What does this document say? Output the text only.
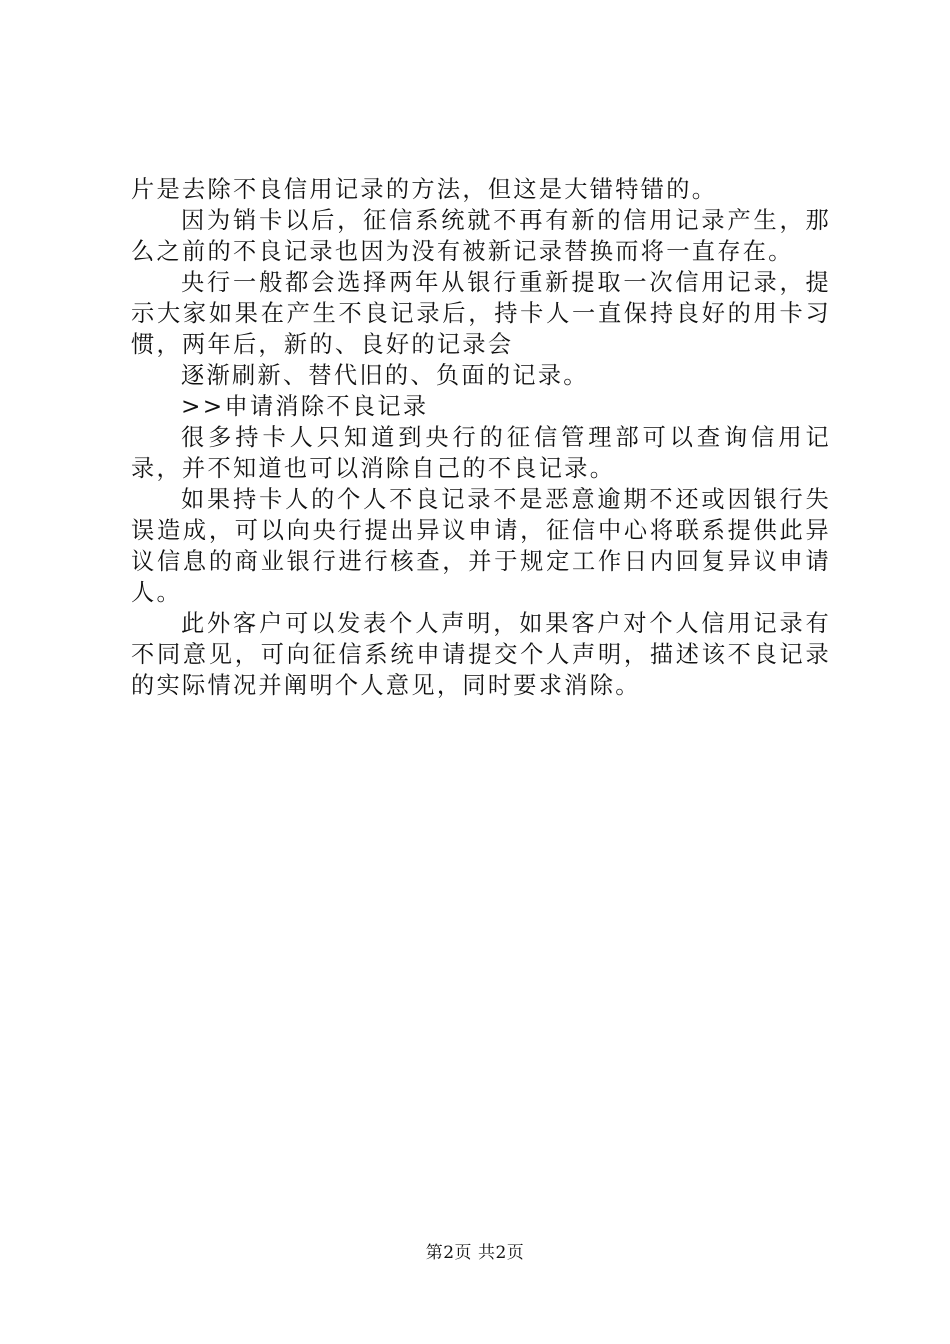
片是去除不良信用记录的方法，但这是大错特错的。

因为销卡以后，征信系统就不再有新的信用记录产生，那么之前的不良记录也因为没有被新记录替换而将一直存在。

央行一般都会选择两年从银行重新提取一次信用记录，提示大家如果在产生不良记录后，持卡人一直保持良好的用卡习惯，两年后，新的、良好的记录会

逐渐刷新、替代旧的、负面的记录。

>>申请消除不良记录

很多持卡人只知道到央行的征信管理部可以查询信用记录，并不知道也可以消除自己的不良记录。

如果持卡人的个人不良记录不是恶意逾期不还或因银行失误造成，可以向央行提出异议申请，征信中心将联系提供此异议信息的商业银行进行核查，并于规定工作日内回复异议申请人。

此外客户可以发表个人声明，如果客户对个人信用记录有不同意见，可向征信系统申请提交个人声明，描述该不良记录的实际情况并阐明个人意见，同时要求消除。

第2页 共2页
